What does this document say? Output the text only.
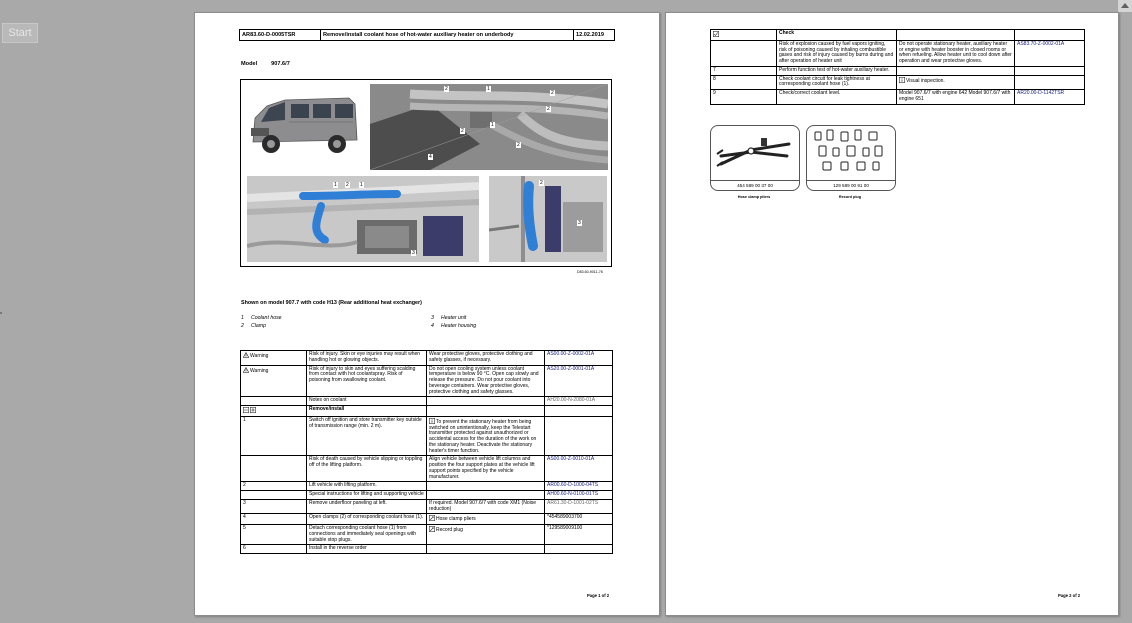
Start	AR83.60-D-0005TSR	Remove/install coolant hose of hot-water auxiliary heater on underbody	12.02.2019
Model	907.6/7
2	1
2
2
1
4
2
2
1 2 1
3
2
3
D83.60-9011-76
Shown on model 907.7 with code H13 (Rear additional heat exchanger)
1	Coolant hose	3	Heater unit
2	Clamp	4	Heater housing
Warning	Risk of injury. Skin or eye injuries may result when handling hot or glowing objects.	Wear protective gloves, protective clothing and safety glasses, if necessary.	AS00.00-Z-0002-01A
Warning	Risk of injury to skin and eyes suffering scalding from contact with hot coolantspray. Risk of poisoning from swallowing coolant.	Do not open cooling system unless coolant temperature is below 90 °C. Open cap slowly and release the pressure. Do not pour coolant into beverage containers. Wear protective gloves, protective clothing and safety glasses.	AS20.00-Z-0001-01A
	Notes on coolant		AH20.00-N-2080-01A
	Remove/install		
1	Switch off ignition and store transmitter key outside of transmission range (min. 2 m).	To prevent the stationary heater from being switched on unintentionally, keep the Telestart transmitter protected against unauthorized or accidental access for the duration of the work on the stationary heater. Deactivate the stationary heater's timer function.	
	Risk of death caused by vehicle slipping or toppling off of the lifting platform.	Align vehicle between vehicle lift columns and position the four support plates at the vehicle lift support points specified by the vehicle manufacturer.	AS00.00-Z-0010-01A
2	Lift vehicle with lifting platform.		AR00.60-D-1000-04TS
	Special instructions for lifting and supporting vehicle		AH00.60-N-0100-01TS
3	Remove underfloor paneling at left.	If required. Model 907.6/7 with code XM1 (Noise reduction)	AR61.30-D-1001-02TS
4	Open clamps (2) of corresponding coolant hose (1).	Hose clamp pliers	*454589003700
5	Detach corresponding coolant hose (1) from connections and immediately seal openings with suitable stop plugs.	Record plug	*129589009100
6	Install in the reverse order		
Page 1 of 2
	Check		
	Risk of explosion caused by fuel vapors igniting, risk of poisoning caused by inhaling combustible gases and risk of injury caused by burns during and after operation of heater unit	Do not operate stationary heater, auxiliary heater or engine with heater booster in closed rooms or when refueling. Allow heater unit to cool down after operation and wear protective gloves.	AS83.70-Z-0002-01A
7	Perform function test of hot-water auxiliary heater.		
8	Check coolant circuit for leak tightness at corresponding coolant hose (1).	Visual inspection.	
9	Check/correct coolant level.	Model 907.6/7 with engine 642 Model 907.6/7 with engine 651	AR20.00-D-1142TSR
454 589 00 37 00
Hose clamp pliers
129 589 00 91 00
Record plug
Page 2 of 2
